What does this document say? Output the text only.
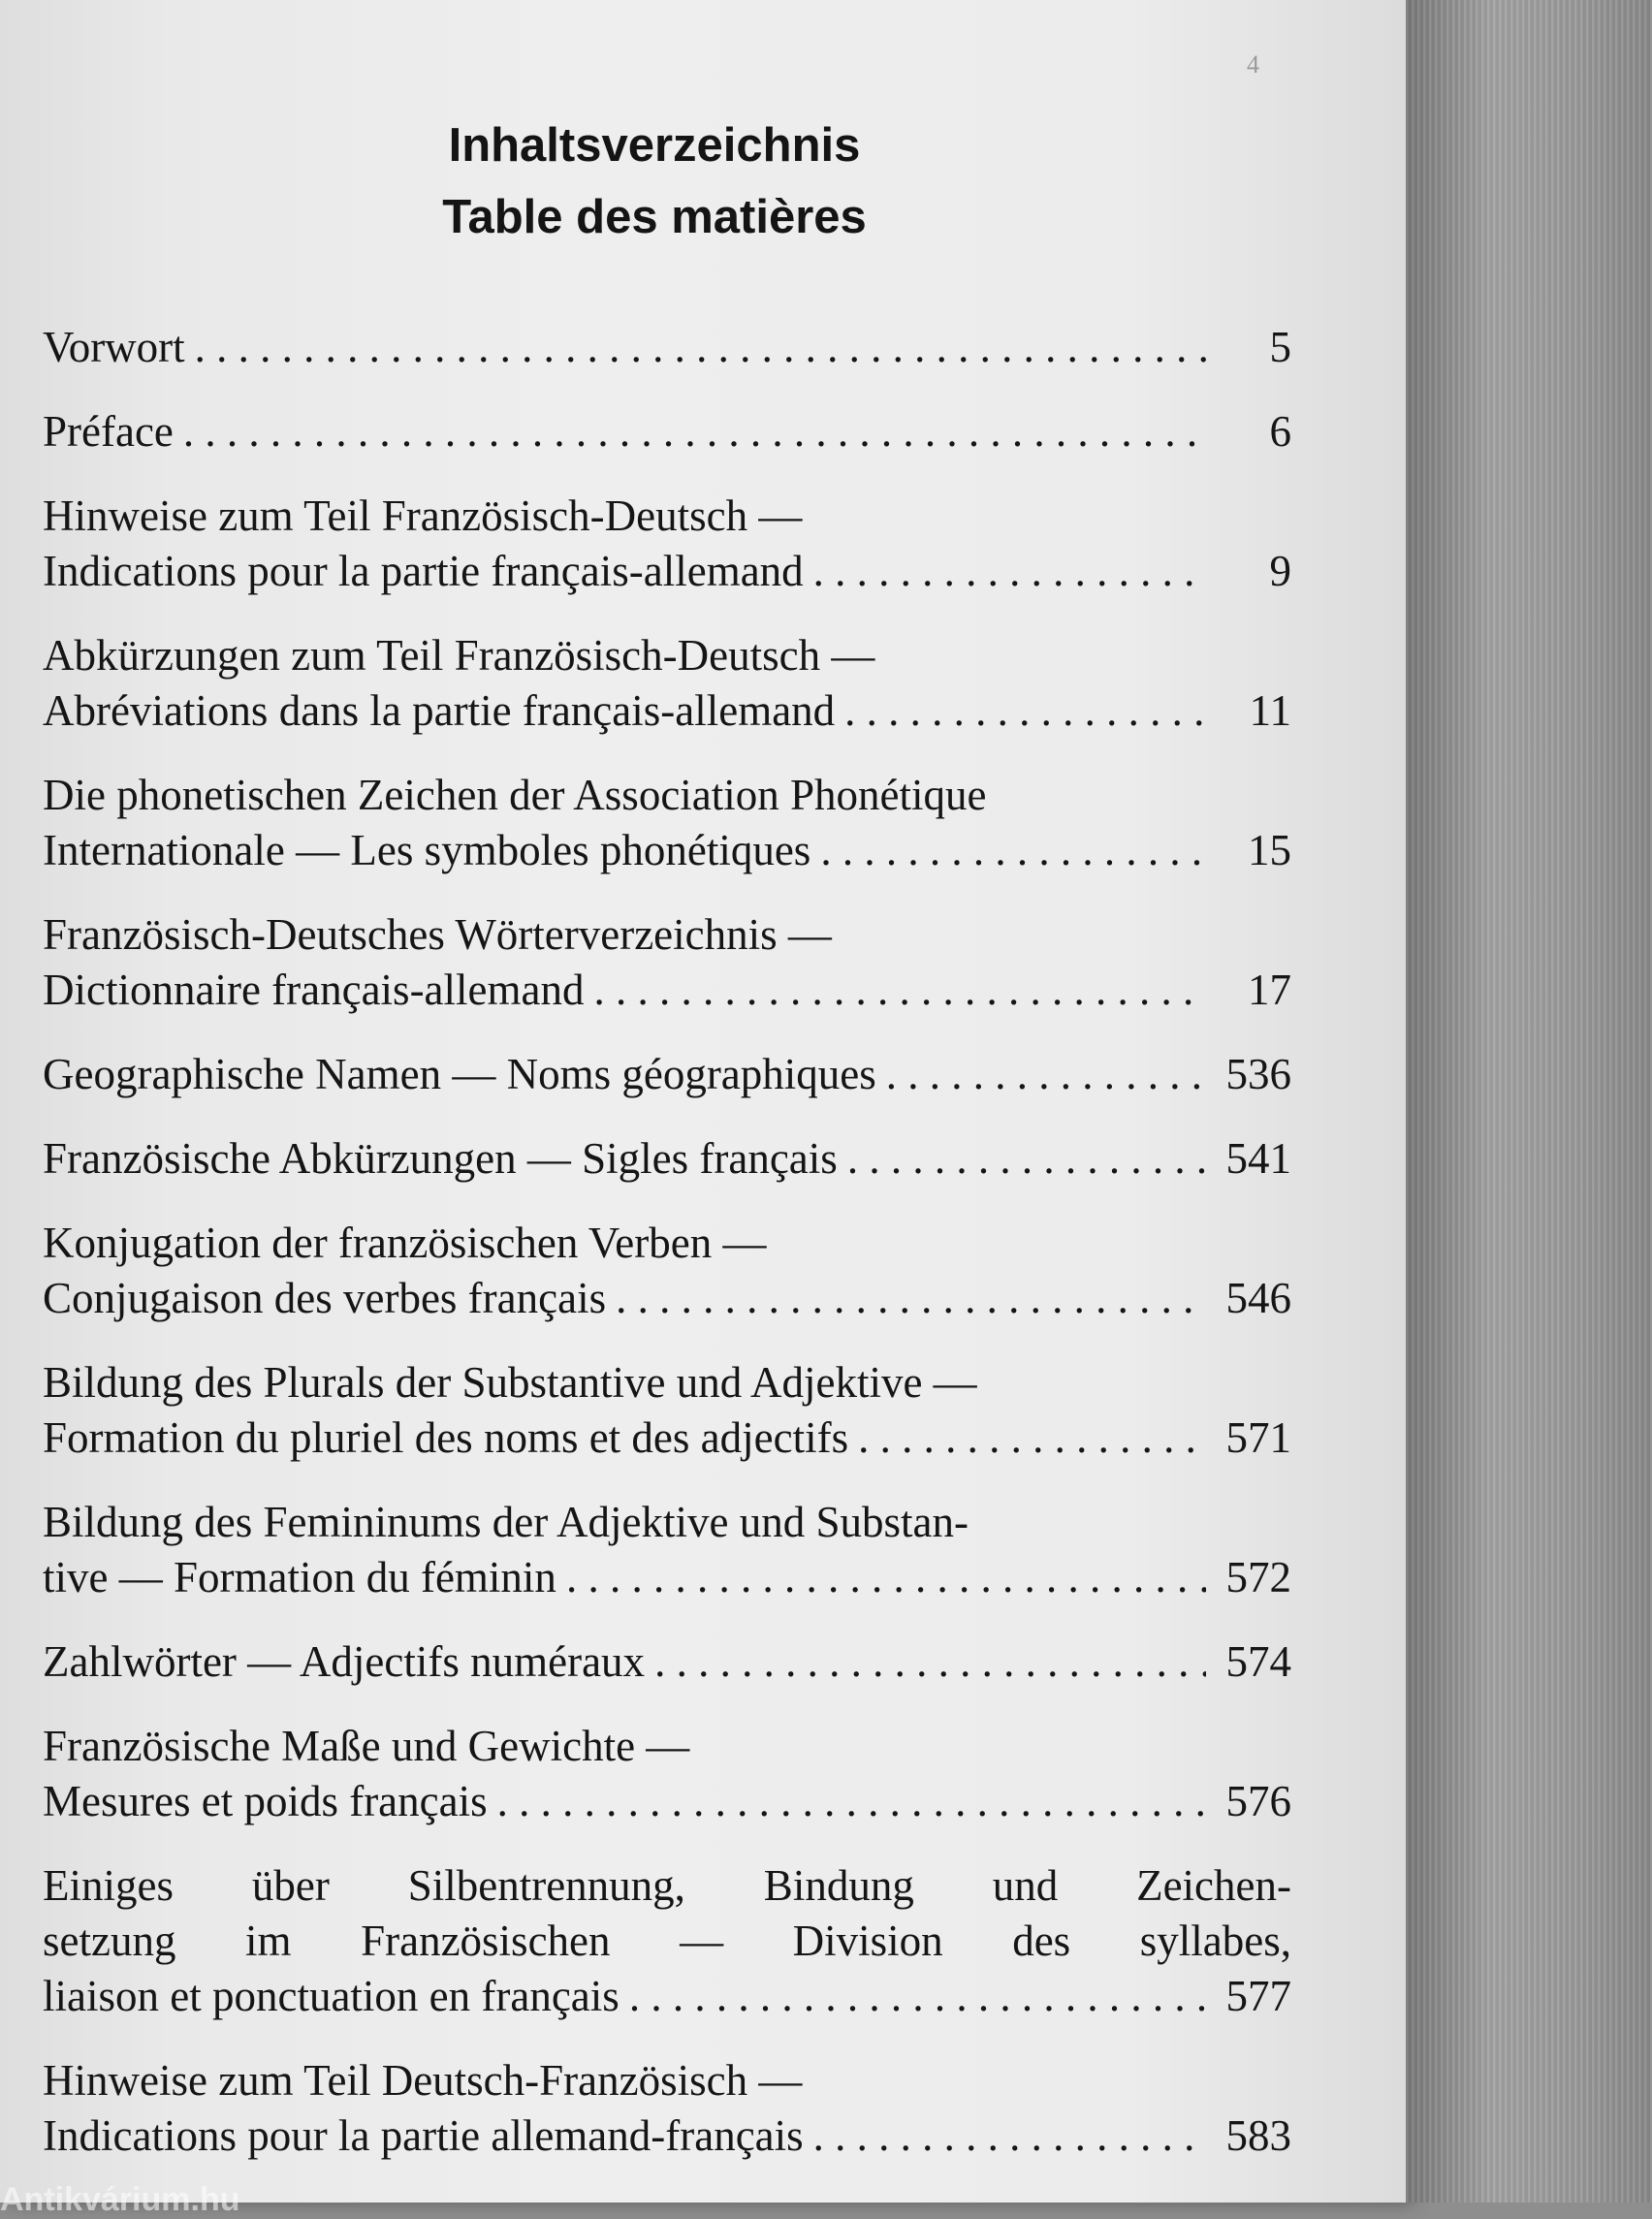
4
Inhaltsverzeichnis
Table des matières
Vorwort . . .	5
Préface . . .	6
Hinweise zum Teil Französisch-Deutsch —
Indications pour la partie français-allemand . . .	9
Abkürzungen zum Teil Französisch-Deutsch —
Abréviations dans la partie français-allemand . . .	11
Die phonetischen Zeichen der Association Phonétique
Internationale — Les symboles phonétiques . . .	15
Französisch-Deutsches Wörterverzeichnis —
Dictionnaire français-allemand . . .	17
Geographische Namen — Noms géographiques . . .	536
Französische Abkürzungen — Sigles français . . .	541
Konjugation der französischen Verben —
Conjugaison des verbes français . . .	546
Bildung des Plurals der Substantive und Adjektive —
Formation du pluriel des noms et des adjectifs . . .	571
Bildung des Femininums der Adjektive und Substan-
tive — Formation du féminin . . .	572
Zahlwörter — Adjectifs numéraux . . .	574
Französische Maße und Gewichte —
Mesures et poids français . . .	576
Einiges über Silbentrennung, Bindung und Zeichen-
setzung im Französischen — Division des syllabes,
liaison et ponctuation en français . . .	577
Hinweise zum Teil Deutsch-Französisch —
Indications pour la partie allemand-français . . .	583
Antikvárium.hu
